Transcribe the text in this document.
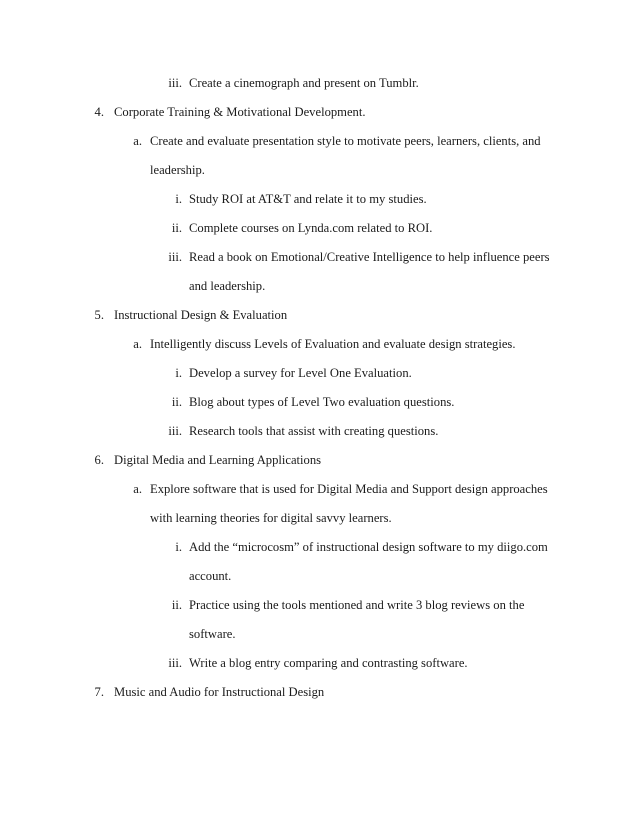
iii. Create a cinemograph and present on Tumblr.
4. Corporate Training & Motivational Development.
a. Create and evaluate presentation style to motivate peers, learners, clients, and
leadership.
i. Study ROI at AT&T and relate it to my studies.
ii. Complete courses on Lynda.com related to ROI.
iii. Read a book on Emotional/Creative Intelligence to help influence peers
and leadership.
5. Instructional Design & Evaluation
a. Intelligently discuss Levels of Evaluation and evaluate design strategies.
i. Develop a survey for Level One Evaluation.
ii. Blog about types of Level Two evaluation questions.
iii. Research tools that assist with creating questions.
6. Digital Media and Learning Applications
a. Explore software that is used for Digital Media and Support design approaches
with learning theories for digital savvy learners.
i. Add the “microcosm” of instructional design software to my diigo.com
account.
ii. Practice using the tools mentioned and write 3 blog reviews on the
software.
iii. Write a blog entry comparing and contrasting software.
7. Music and Audio for Instructional Design
